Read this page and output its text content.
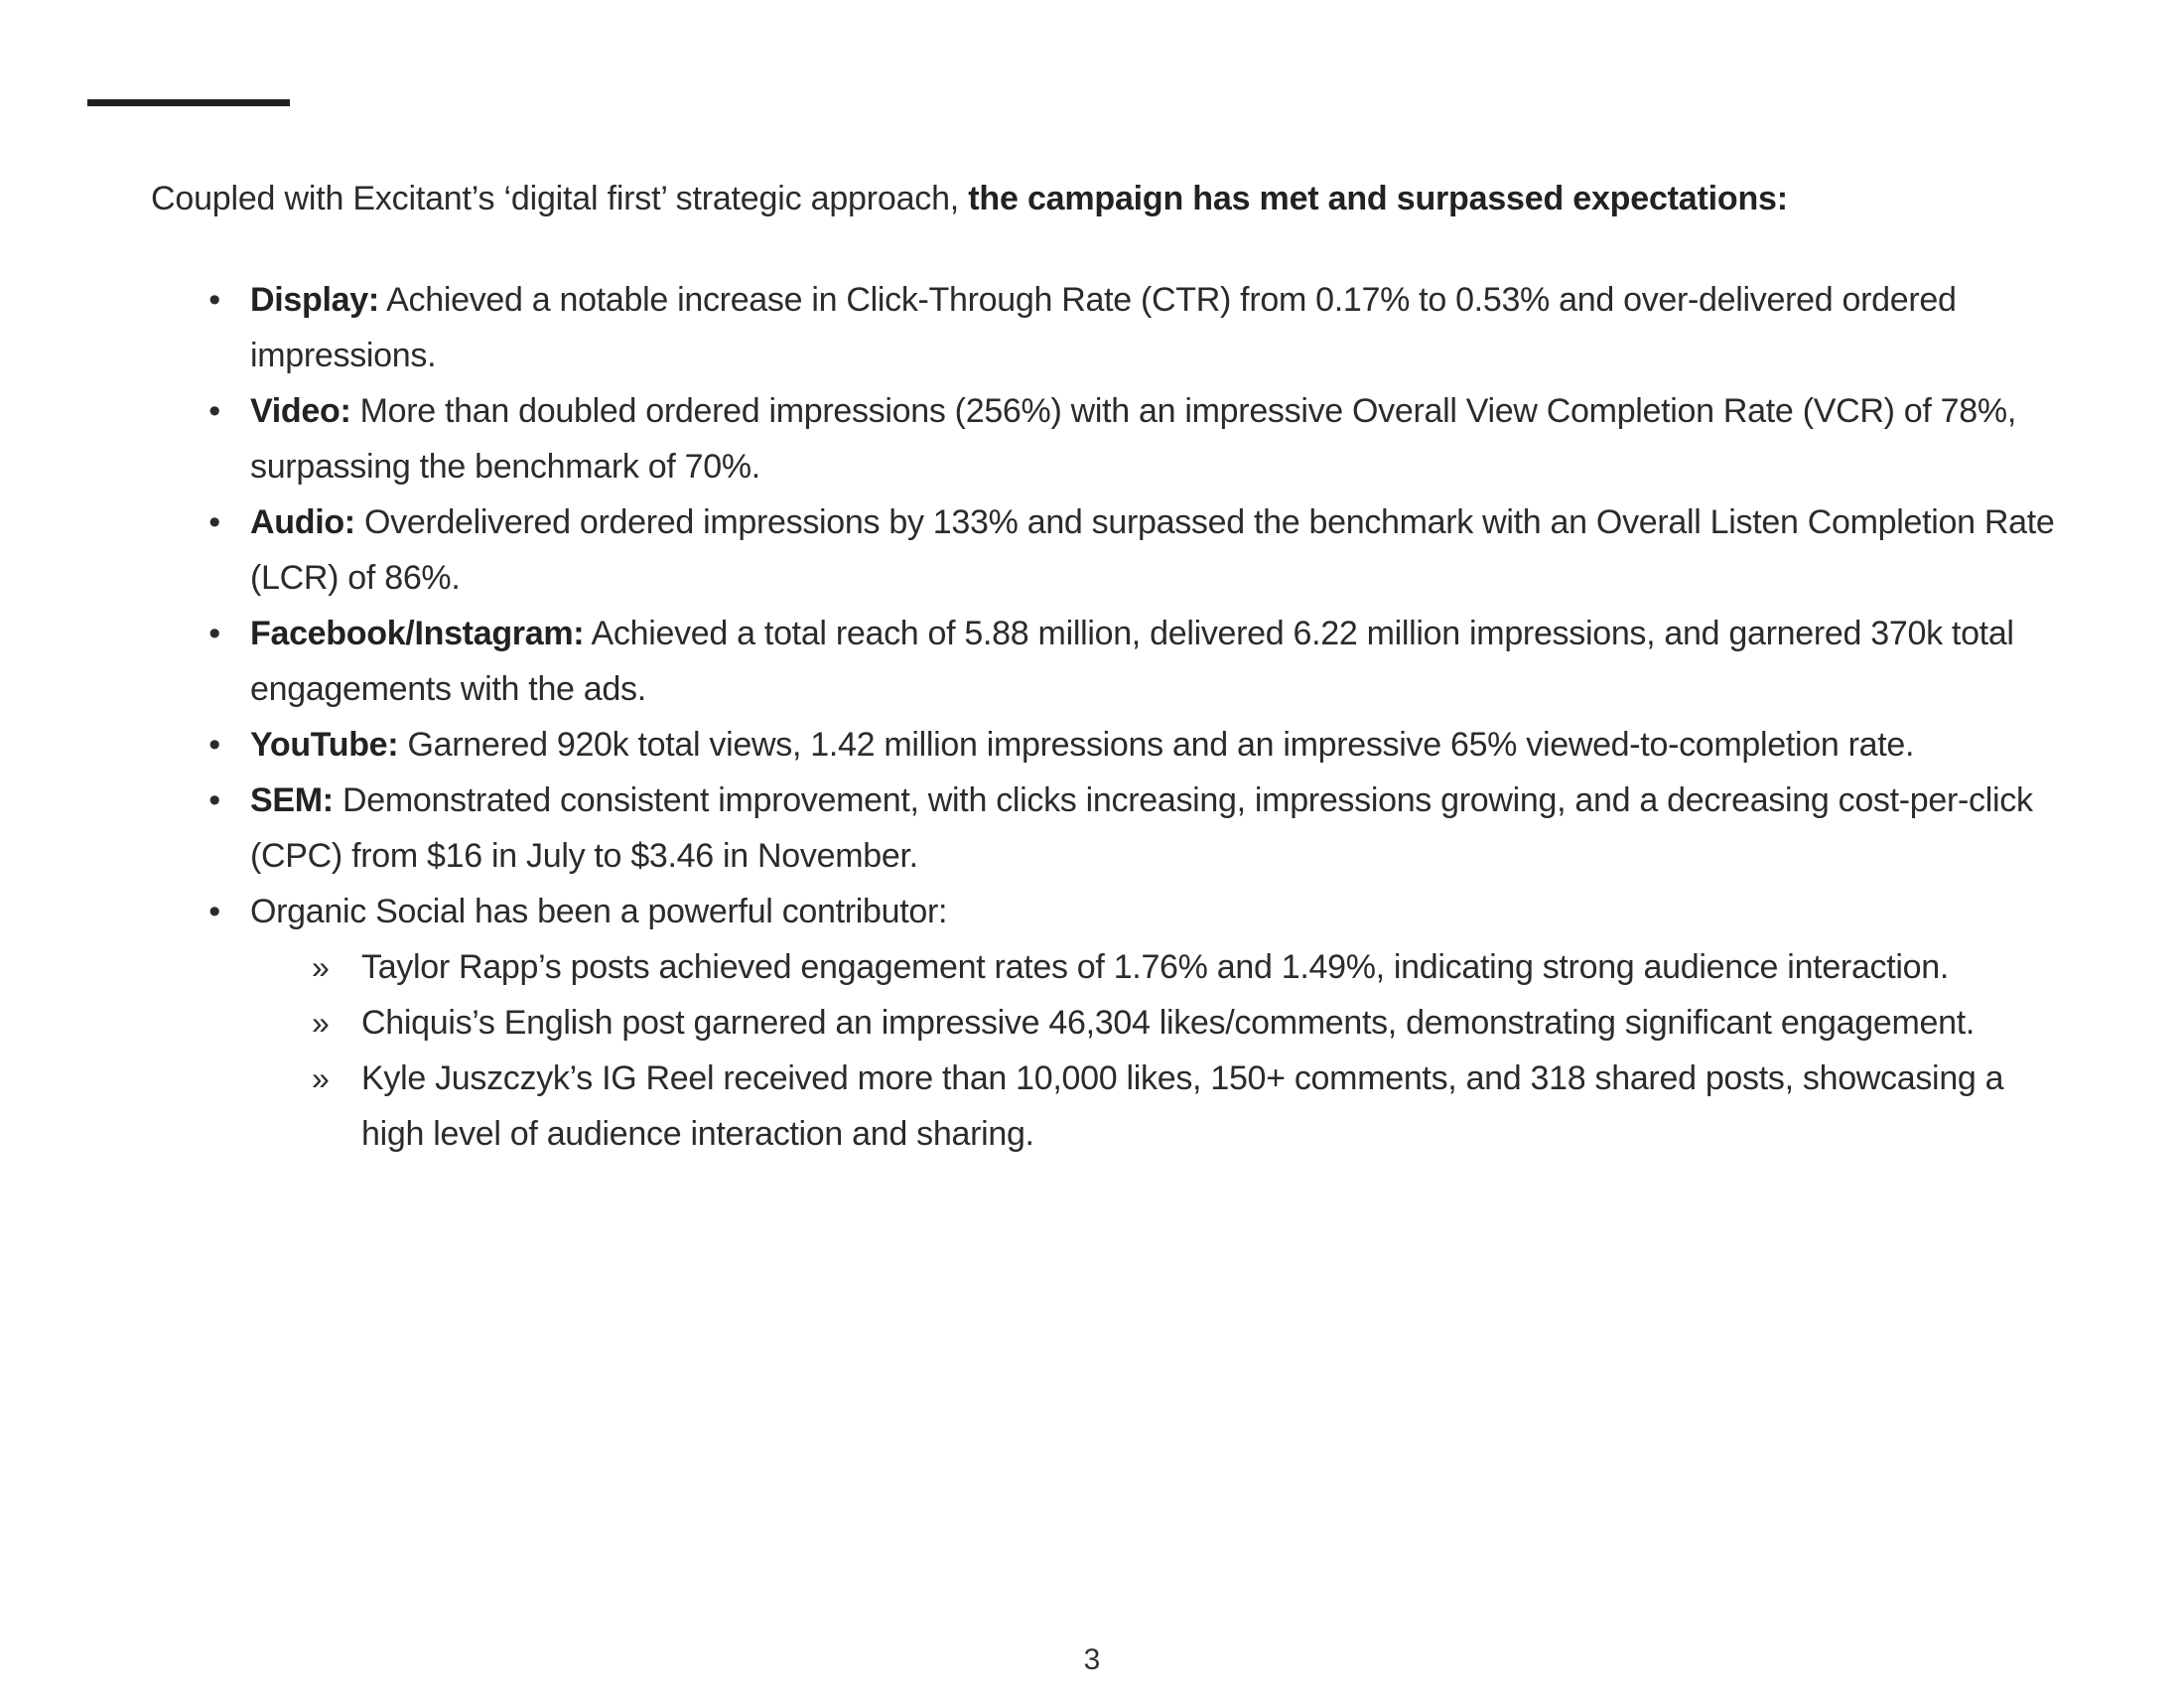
Coupled with Excitant’s ‘digital first’ strategic approach, the campaign has met and surpassed expectations:

• Display: Achieved a notable increase in Click-Through Rate (CTR) from 0.17% to 0.53% and over-delivered ordered impressions.
• Video: More than doubled ordered impressions (256%) with an impressive Overall View Completion Rate (VCR) of 78%, surpassing the benchmark of 70%.
• Audio: Overdelivered ordered impressions by 133% and surpassed the benchmark with an Overall Listen Completion Rate (LCR) of 86%.
• Facebook/Instagram: Achieved a total reach of 5.88 million, delivered 6.22 million impressions, and garnered 370k total engagements with the ads.
• YouTube: Garnered 920k total views, 1.42 million impressions and an impressive 65% viewed-to-completion rate.
• SEM: Demonstrated consistent improvement, with clicks increasing, impressions growing, and a decreasing cost-per-click (CPC) from $16 in July to $3.46 in November.
• Organic Social has been a powerful contributor:
» Taylor Rapp’s posts achieved engagement rates of 1.76% and 1.49%, indicating strong audience interaction.
» Chiquis’s English post garnered an impressive 46,304 likes/comments, demonstrating significant engagement.
» Kyle Juszczyk’s IG Reel received more than 10,000 likes, 150+ comments, and 318 shared posts, showcasing a high level of audience interaction and sharing.
3
